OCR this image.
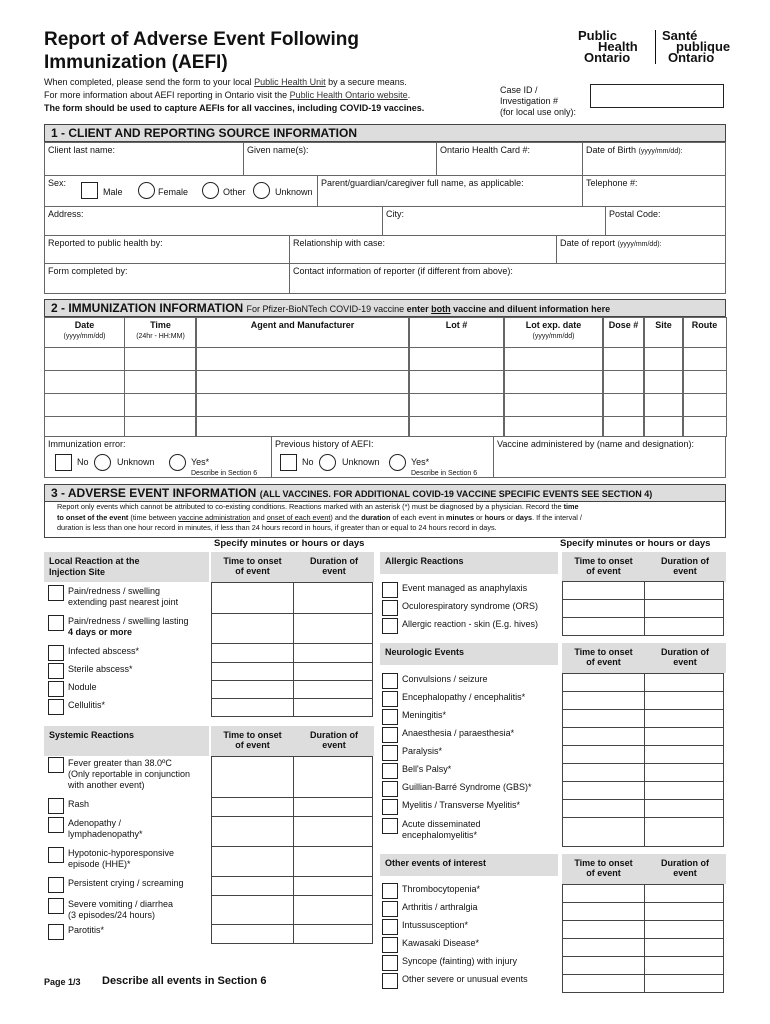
Report of Adverse Event Following
Immunization (AEFI)
When completed, please send the form to your local Public Health Unit by a secure means.
For more information about AEFI reporting in Ontario visit the Public Health Ontario website.
The form should be used to capture AEFIs for all vaccines, including COVID-19 vaccines.
Public
Health
Ontario
Santé
publique
Ontario
Case ID /
Investigation #
(for local use only):
1 - CLIENT AND REPORTING SOURCE INFORMATION
Client last name:	Given name(s):	Ontario Health Card #:	Date of Birth (yyyy/mm/dd):
Sex:
Male	Female	Other	Unknown
Parent/guardian/caregiver full name, as applicable:	Telephone #:
Address:	City:	Postal Code:
Reported to public health by:	Relationship with case:	Date of report (yyyy/mm/dd):
Form completed by:	Contact information of reporter (if different from above):
2 - IMMUNIZATION INFORMATION For Pfizer-BioNTech COVID-19 vaccine enter both vaccine and diluent information here
Date
(yyyy/mm/dd)
Time
(24hr - HH:MM)
Agent and Manufacturer	Lot #	Lot exp. date
(yyyy/mm/dd)
Dose #	Site	Route
Immunization error:
No	Unknown	Yes*
Describe in Section 6
Previous history of AEFI:
No	Unknown	Yes*
Describe in Section 6
Vaccine administered by (name and designation):
3 - ADVERSE EVENT INFORMATION (ALL VACCINES. FOR ADDITIONAL COVID-19 VACCINE SPECIFIC EVENTS SEE SECTION 4)
Report only events which cannot be attributed to co-existing conditions. Reactions marked with an asterisk (*) must be diagnosed by a physician. Record the time
to onset of the event (time between vaccine administration and onset of each event) and the duration of each event in minutes or hours or days. If the interval /
duration is less than one hour record in minutes, if less than 24 hours record in hours, if greater than or equal to 24 hours record in days.
Specify minutes or hours or days	Specify minutes or hours or days
Local Reaction at the
Injection Site
Time to onset
of event
Duration of
event
Pain/redness / swelling
extending past nearest joint
Pain/redness / swelling lasting
4 days or more
Infected abscess*
Sterile abscess*
Nodule
Cellulitis*
Systemic Reactions	Time to onset
of event
Duration of
event
Fever greater than 38.0ºC
(Only reportable in conjunction
with another event)
Rash
Adenopathy /
lymphadenopathy*
Hypotonic-hyporesponsive
episode (HHE)*
Persistent crying / screaming
Severe vomiting / diarrhea
(3 episodes/24 hours)
Parotitis*
Allergic Reactions	Time to onset
of event
Duration of
event
Event managed as anaphylaxis
Oculorespiratory syndrome (ORS)
Allergic reaction - skin (E.g. hives)
Neurologic Events	Time to onset
of event
Duration of
event
Convulsions / seizure
Encephalopathy / encephalitis*
Meningitis*
Anaesthesia / paraesthesia*
Paralysis*
Bell's Palsy*
Guillian-Barré Syndrome (GBS)*
Myelitis / Transverse Myelitis*
Acute disseminated encephalomyelitis*
Other events of interest	Time to onset
of event
Duration of
event
Thrombocytopenia*
Arthritis / arthralgia
Intussusception*
Kawasaki Disease*
Syncope (fainting) with injury
Other severe or unusual events
Page 1/3 Describe all events in Section 6
